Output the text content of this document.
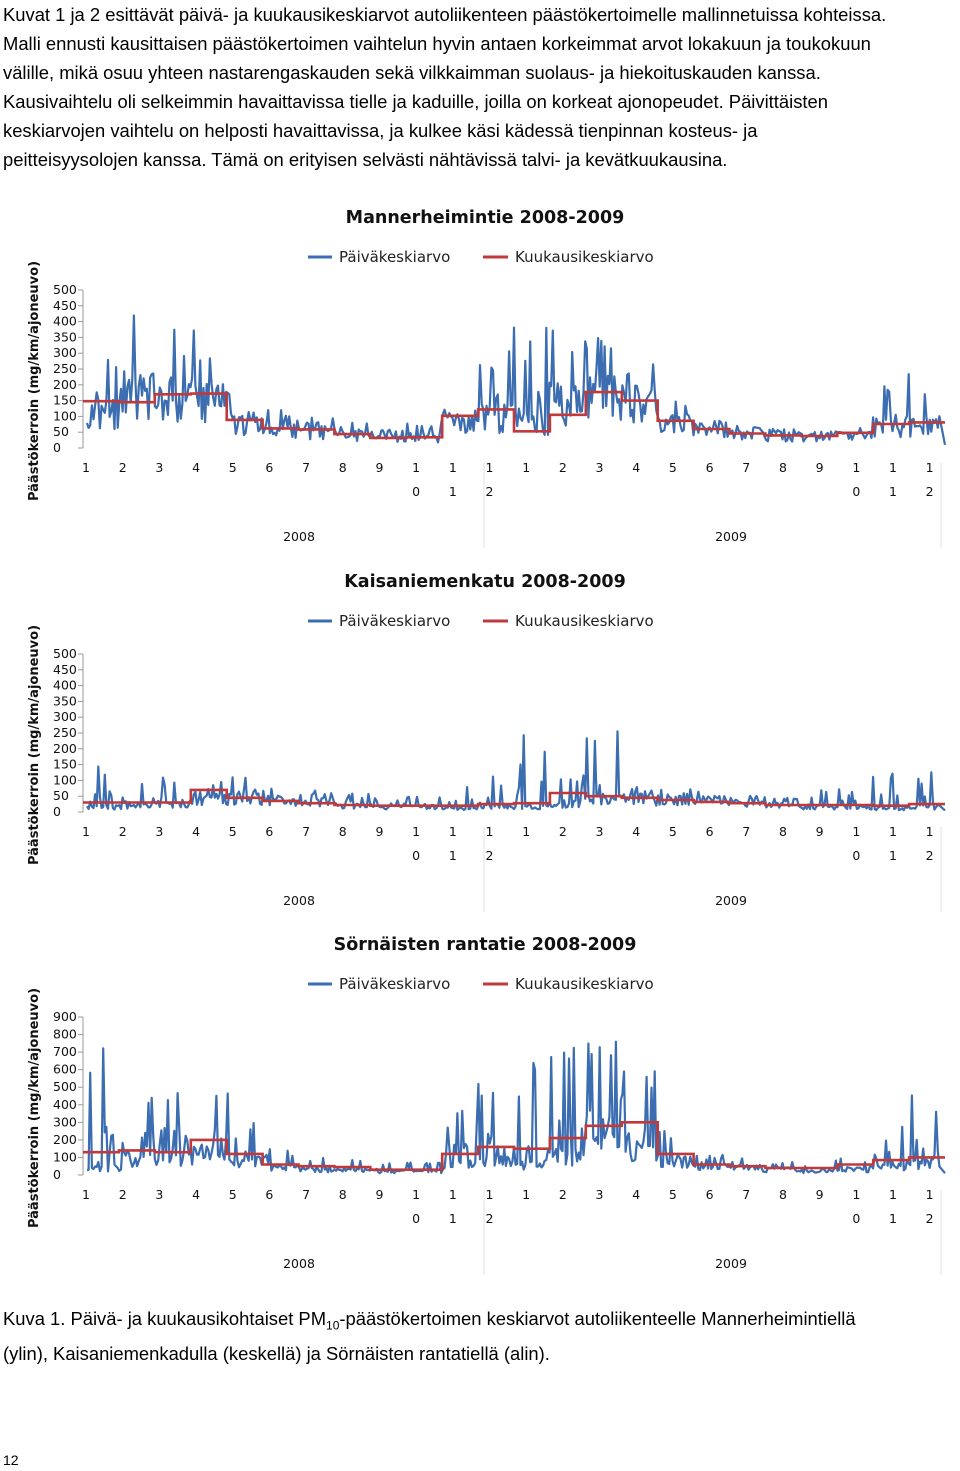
Kuvat 1 ja 2 esittävät päivä- ja kuukausikeskiarvot autoliikenteen päästökertoimelle mallinnetuissa kohteissa.

Malli ennusti kausittaisen päästökertoimen vaihtelun hyvin antaen korkeimmat arvot lokakuun ja toukokuun

välille, mikä osuu yhteen nastarengaskauden sekä vilkkaimman suolaus- ja hiekoituskauden kanssa.

Kausivaihtelu oli selkeimmin havaittavissa tielle ja kaduille, joilla on korkeat ajonopeudet. Päivittäisten

keskiarvojen vaihtelu on helposti havaittavissa, ja kulkee käsi kädessä tienpinnan kosteus- ja

peitteisyysolojen kanssa. Tämä on erityisen selvästi nähtävissä talvi- ja kevätkuukausina.

Mannerheimintie 2008-2009
Päiväkeskiarvo	Kuukausikeskiarvo
Päästökerroin (mg/km/ajoneuvo) 0
50
100
150
200
250
300
350
400
450
500
1 2 3 4 5 6 7 8 9 1
0
1
1
1
2
1 2 3 4 5 6 7 8 9 1
0
1
1
1
2
2008	2009
Kaisaniemenkatu 2008-2009
Päiväkeskiarvo	Kuukausikeskiarvo
Päästökerroin (mg/km/ajoneuvo) 0
50
100
150
200
250
300
350
400
450
500
1 2 3 4 5 6 7 8 9 1
0
1
1
1
2
1 2 3 4 5 6 7 8 9 1
0
1
1
1
2
2008	2009
Sörnäisten rantatie 2008-2009
Päiväkeskiarvo	Kuukausikeskiarvo
Päästökerroin (mg/km/ajoneuvo) 0
100
200
300
400
500
600
700
800
900
1 2 3 4 5 6 7 8 9 1
0
1
1
1
2
1 2 3 4 5 6 7 8 9 1
0
1
1
1
2
2008	2009

Kuva 1. Päivä- ja kuukausikohtaiset $PM_{10}$-päästökertoimen keskiarvot autoliikenteelle Mannerheimintiellä

(ylin), Kaisaniemenkadulla (keskellä) ja Sörnäisten rantatiellä (alin).

12
